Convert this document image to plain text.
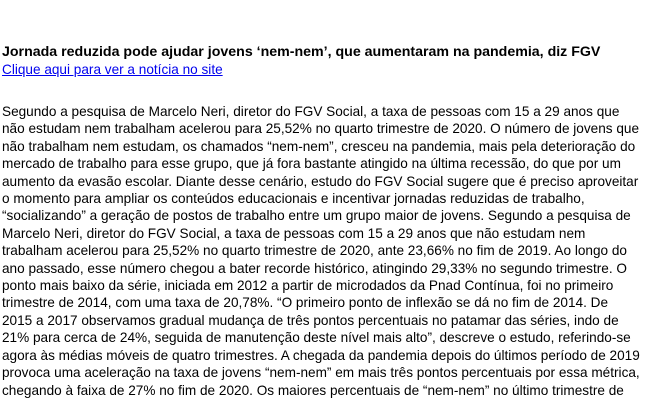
Jornada reduzida pode ajudar jovens ‘nem-nem’, que aumentaram na pandemia, diz FGV
Clique aqui para ver a notícia no site
Segundo a pesquisa de Marcelo Neri, diretor do FGV Social, a taxa de pessoas com 15 a 29 anos que
não estudam nem trabalham acelerou para 25,52% no quarto trimestre de 2020. O número de jovens que
não trabalham nem estudam, os chamados “nem-nem”, cresceu na pandemia, mais pela deterioração do
mercado de trabalho para esse grupo, que já fora bastante atingido na última recessão, do que por um
aumento da evasão escolar. Diante desse cenário, estudo do FGV Social sugere que é preciso aproveitar
o momento para ampliar os conteúdos educacionais e incentivar jornadas reduzidas de trabalho,
“socializando” a geração de postos de trabalho entre um grupo maior de jovens. Segundo a pesquisa de
Marcelo Neri, diretor do FGV Social, a taxa de pessoas com 15 a 29 anos que não estudam nem
trabalham acelerou para 25,52% no quarto trimestre de 2020, ante 23,66% no fim de 2019. Ao longo do
ano passado, esse número chegou a bater recorde histórico, atingindo 29,33% no segundo trimestre. O
ponto mais baixo da série, iniciada em 2012 a partir de microdados da Pnad Contínua, foi no primeiro
trimestre de 2014, com uma taxa de 20,78%. “O primeiro ponto de inflexão se dá no fim de 2014. De
2015 a 2017 observamos gradual mudança de três pontos percentuais no patamar das séries, indo de
21% para cerca de 24%, seguida de manutenção deste nível mais alto”, descreve o estudo, referindo-se
agora às médias móveis de quatro trimestres. A chegada da pandemia depois do últimos período de 2019
provoca uma aceleração na taxa de jovens “nem-nem” em mais três pontos percentuais por essa métrica,
chegando à faixa de 27% no fim de 2020. Os maiores percentuais de “nem-nem” no último trimestre de
